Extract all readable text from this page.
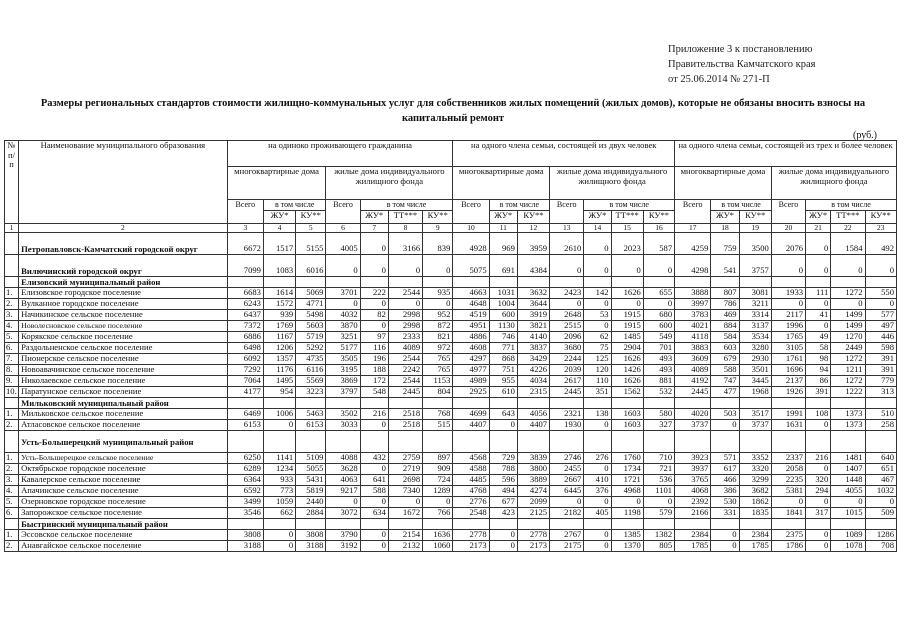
Приложение 3 к постановлению
Правительства Камчатского края
от 25.06.2014 № 271-П
Размеры региональных стандартов стоимости жилищно-коммунальных услуг для собственников жилых помещений (жилых домов), которые не обязаны вносить взносы на капитальный ремонт
(руб.)
№ п/п	Наименование муниципального образования	на одиноко проживающего гражданина							на одного члена семьи, состоящей из двух человек							на одного члена семьи, состоящей из трех и более человек						
		многоквартирные дома			жилые дома индивидуального жилищного фонда				многоквартирные дома			жилые дома индивидуального жилищного фонда				многоквартирные дома			жилые дома индивидуального жилищного фонда			
		Всего	в том числе		Всего	в том числе			Всего	в том числе		Всего	в том числе			Всего	в том числе		Всего	в том числе		
			ЖУ*	КУ**		ЖУ*	ТТ***	КУ**		ЖУ*	КУ**		ЖУ*	ТТ***	КУ**		ЖУ*	КУ**		ЖУ*	ТТ***	КУ**
1	2	3	4	5	6	7	8	9	10	11	12	13	14	15	16	17	18	19	20	21	22	23
	Петропавловск-Камчатский городской округ	6672	1517	5155	4005	0	3166	839	4928	969	3959	2610	0	2023	587	4259	759	3500	2076	0	1584	492
	Вилючинский городской округ	7099	1083	6016	0	0	0	0	5075	691	4384	0	0	0	0	4298	541	3757	0	0	0	0
	Елизовский муниципальный район																					
1.	Елизовское городское поселение	6683	1614	5069	3701	222	2544	935	4663	1031	3632	2423	142	1626	655	3888	807	3081	1933	111	1272	550
2.	Вулканное городское поселение	6243	1572	4771	0	0	0	0	4648	1004	3644	0	0	0	0	3997	786	3211	0	0	0	0
3.	Начикинское сельское поселение	6437	939	5498	4032	82	2998	952	4519	600	3919	2648	53	1915	680	3783	469	3314	2117	41	1499	577
4.	Новолесновское сельское поселение	7372	1769	5603	3870	0	2998	872	4951	1130	3821	2515	0	1915	600	4021	884	3137	1996	0	1499	497
5.	Корякское сельское поселение	6886	1167	5719	3251	97	2333	821	4886	746	4140	2096	62	1485	549	4118	584	3534	1765	49	1270	446
6.	Раздольненское сельское поселение	6498	1206	5292	5177	116	4089	972	4608	771	3837	3680	75	2904	701	3883	603	3280	3105	58	2449	598
7.	Пионерское сельское поселение	6092	1357	4735	3505	196	2544	765	4297	868	3429	2244	125	1626	493	3609	679	2930	1761	98	1272	391
8.	Новоавачинское сельское поселение	7292	1176	6116	3195	188	2242	765	4977	751	4226	2039	120	1426	493	4089	588	3501	1696	94	1211	391
9.	Николаевское сельское поселение	7064	1495	5569	3869	172	2544	1153	4989	955	4034	2617	110	1626	881	4192	747	3445	2137	86	1272	779
10.	Паратунское сельское поселение	4177	954	3223	3797	548	2445	804	2925	610	2315	2445	351	1562	532	2445	477	1968	1926	391	1222	313
	Мильковский муниципальный район																					
1.	Мильковское сельское поселение	6469	1006	5463	3502	216	2518	768	4699	643	4056	2321	138	1603	580	4020	503	3517	1991	108	1373	510
2.	Атласовское сельское поселение	6153	0	6153	3033	0	2518	515	4407	0	4407	1930	0	1603	327	3737	0	3737	1631	0	1373	258
	Усть-Большерецкий муниципальный район																					
1.	Усть-Большерецкое сельское поселение	6250	1141	5109	4088	432	2759	897	4568	729	3839	2746	276	1760	710	3923	571	3352	2337	216	1481	640
2.	Октябрьское городское поселение	6289	1234	5055	3628	0	2719	909	4588	788	3800	2455	0	1734	721	3937	617	3320	2058	0	1407	651
3.	Кавалерское сельское поселение	6364	933	5431	4063	641	2698	724	4485	596	3889	2667	410	1721	536	3765	466	3299	2235	320	1448	467
4.	Апачинское сельское поселение	6592	773	5819	9217	588	7340	1289	4768	494	4274	6445	376	4968	1101	4068	386	3682	5381	294	4055	1032
5.	Озерновское городское поселение	3499	1059	2440	0	0	0	0	2776	677	2099	0	0	0	0	2392	530	1862	0	0	0	0
6.	Запорожское сельское поселение	3546	662	2884	3072	634	1672	766	2548	423	2125	2182	405	1198	579	2166	331	1835	1841	317	1015	509
	Быстринский муниципальный район																					
1.	Эссовское сельское поселение	3808	0	3808	3790	0	2154	1636	2778	0	2778	2767	0	1385	1382	2384	0	2384	2375	0	1089	1286
2.	Анавгайское сельское поселение	3188	0	3188	3192	0	2132	1060	2173	0	2173	2175	0	1370	805	1785	0	1785	1786	0	1078	708
